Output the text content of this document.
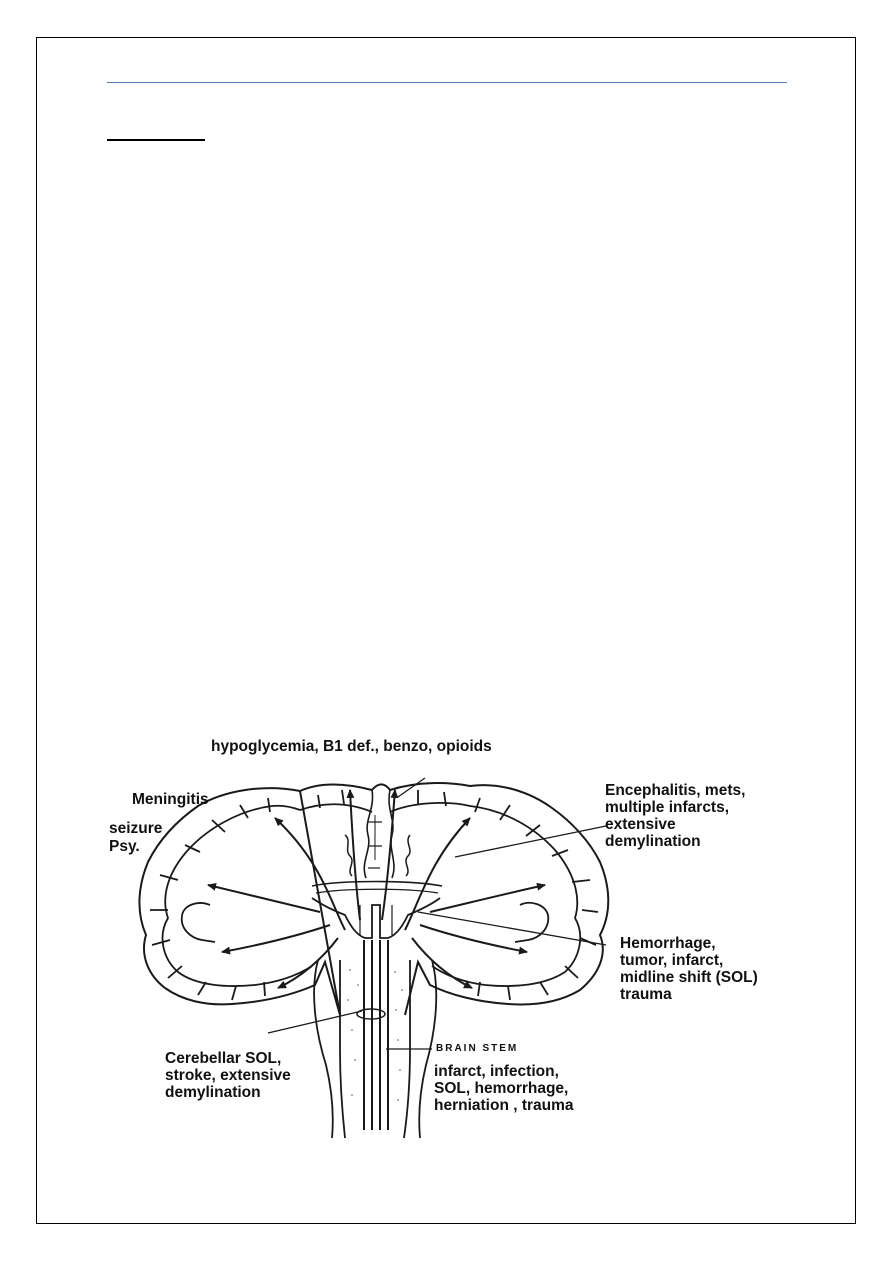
hypoglycemia, B1 def., benzo, opioids
Meningitis
seizure
Psy.
Encephalitis, mets,
multiple infarcts,
extensive
demylination
Hemorrhage,
tumor, infarct,
midline shift (SOL)
trauma
Cerebellar SOL,
stroke, extensive
demylination
BRAIN STEM
infarct, infection,
SOL, hemorrhage,
herniation , trauma
